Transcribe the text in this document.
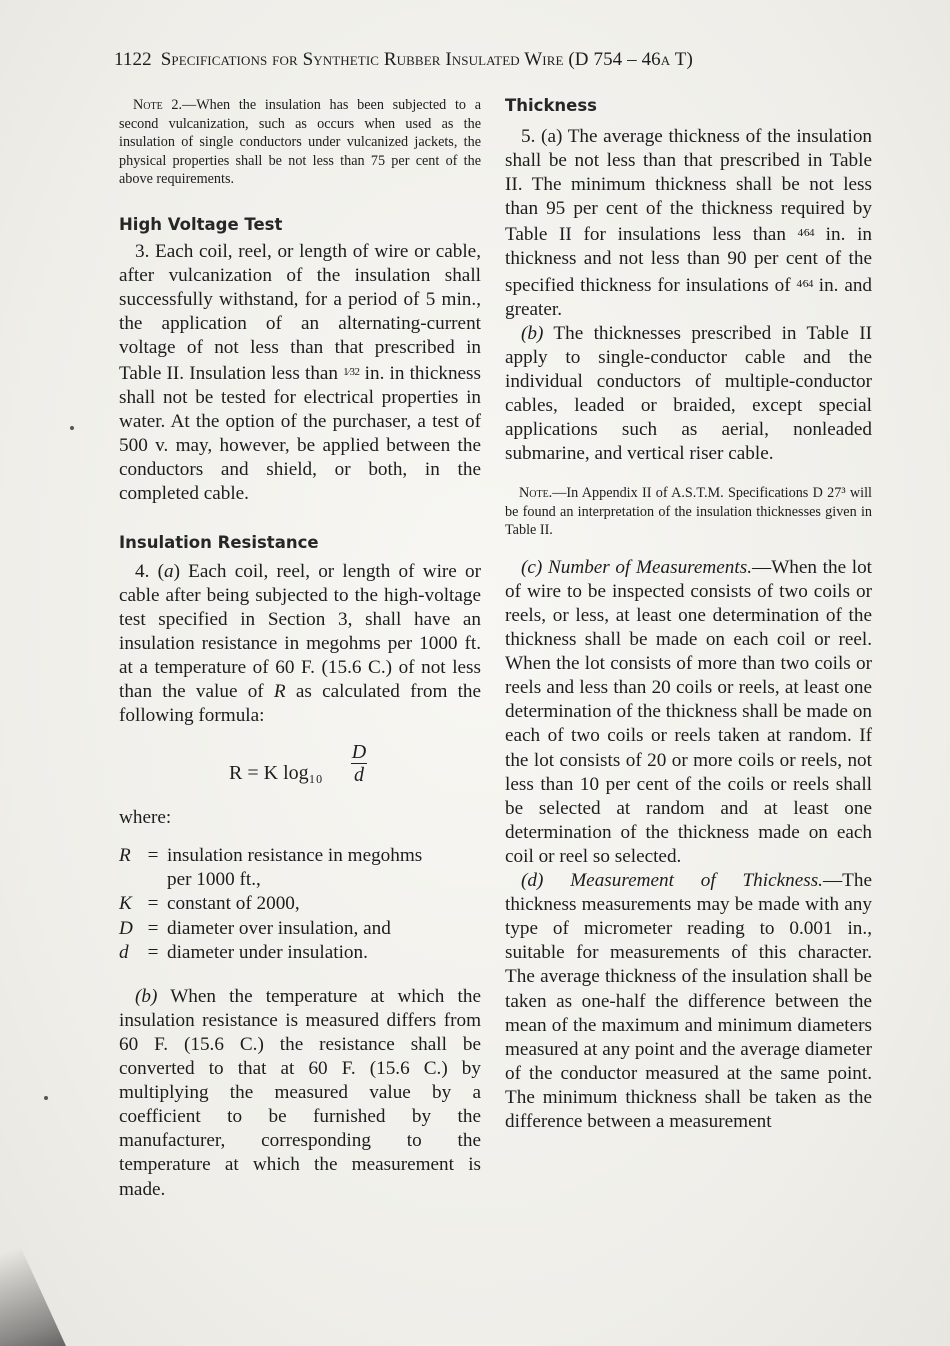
1122 Specifications for Synthetic Rubber Insulated Wire (D 754 – 46a T)

Note 2.—When the insulation has been subjected to a second vulcanization, such as occurs when used as the insulation of single conductors under vulcanized jackets, the physical properties shall be not less than 75 per cent of the above requirements.

High Voltage Test

3. Each coil, reel, or length of wire or cable, after vulcanization of the insulation shall successfully withstand, for a period of 5 min., the application of an alternating-current voltage of not less than that prescribed in Table II. Insulation less than $^{1⁄32}$ in. in thickness shall not be tested for electrical properties in water. At the option of the purchaser, a test of 500 v. may, however, be applied between the conductors and shield, or both, in the completed cable.

Insulation Resistance

4. (a) Each coil, reel, or length of wire or cable after being subjected to the high-voltage test specified in Section 3, shall have an insulation resistance in megohms per 1000 ft. at a temperature of 60 F. (15.6 C.) of not less than the value of R as calculated from the following formula:

R = K log₁₀
D
d

where:

R = insulation resistance in megohms
per 1000 ft.,
K = constant of 2000,
D = diameter over insulation, and
d = diameter under insulation.

(b) When the temperature at which the insulation resistance is measured differs from 60 F. (15.6 C.) the resistance shall be converted to that at 60 F. (15.6 C.) by multiplying the measured value by a coefficient to be furnished by the manufacturer, corresponding to the temperature at which the measurement is made.

Thickness

5. (a) The average thickness of the insulation shall be not less than that prescribed in Table II. The minimum thickness shall be not less than 95 per cent of the thickness required by Table II for insulations less than $^{4⁄64}$ in. in thickness and not less than 90 per cent of the specified thickness for insulations of $^{4⁄64}$ in. and greater.

(b) The thicknesses prescribed in Table II apply to single-conductor cable and the individual conductors of multiple-conductor cables, leaded or braided, except special applications such as aerial, nonleaded submarine, and vertical riser cable.

Note.—In Appendix II of A.S.T.M. Specifications D 27³ will be found an interpretation of the insulation thicknesses given in Table II.

(c) Number of Measurements.—When the lot of wire to be inspected consists of two coils or reels, or less, at least one determination of the thickness shall be made on each coil or reel. When the lot consists of more than two coils or reels and less than 20 coils or reels, at least one determination of the thickness shall be made on each of two coils or reels taken at random. If the lot consists of 20 or more coils or reels, not less than 10 per cent of the coils or reels shall be selected at random and at least one determination of the thickness made on each coil or reel so selected.

(d) Measurement of Thickness.—The thickness measurements may be made with any type of micrometer reading to 0.001 in., suitable for measurements of this character. The average thickness of the insulation shall be taken as one-half the difference between the mean of the maximum and minimum diameters measured at any point and the average diameter of the conductor measured at the same point. The minimum thickness shall be taken as the difference between a measurement
